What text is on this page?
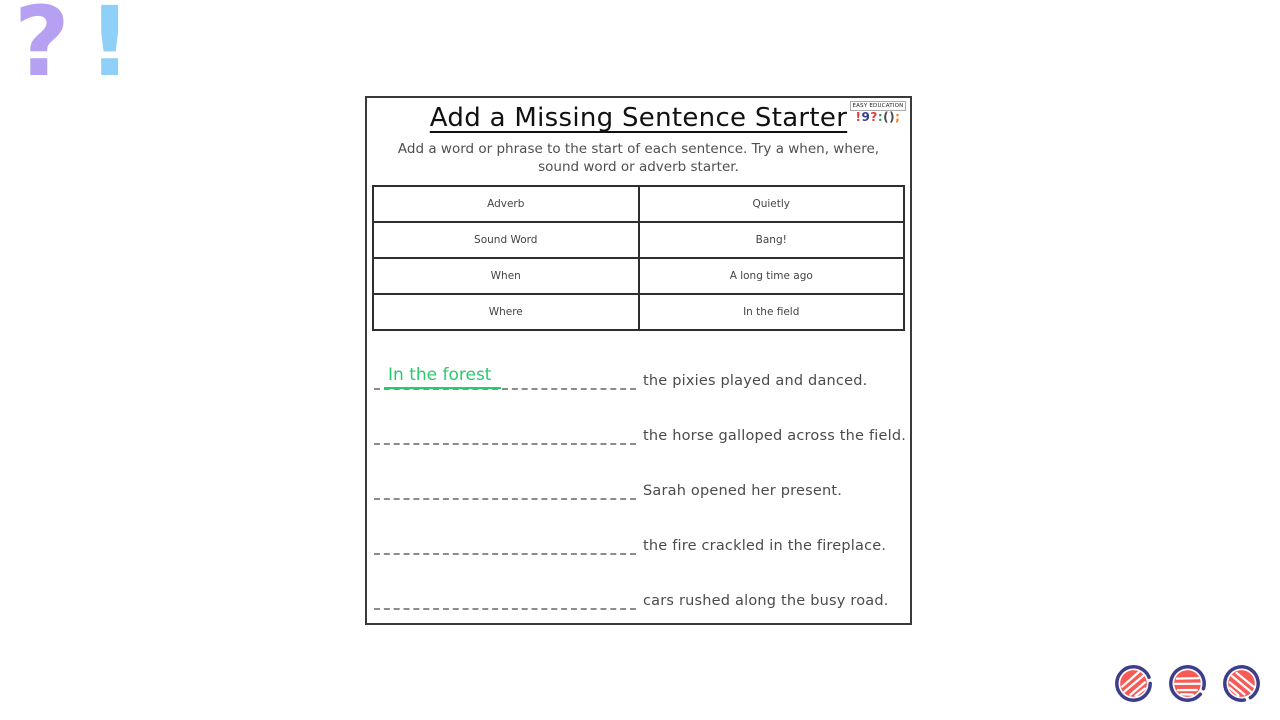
? !
Add a Missing Sentence Starter EASY EDUCATION
!9?:();
Add a word or phrase to the start of each sentence. Try a when, where, sound word or adverb starter.
Adverb	Quietly
Sound Word	Bang!
When	A long time ago
Where	In the field
In the forest	the pixies played and danced.
the horse galloped across the field.
Sarah opened her present.
the fire crackled in the fireplace.
cars rushed along the busy road.
